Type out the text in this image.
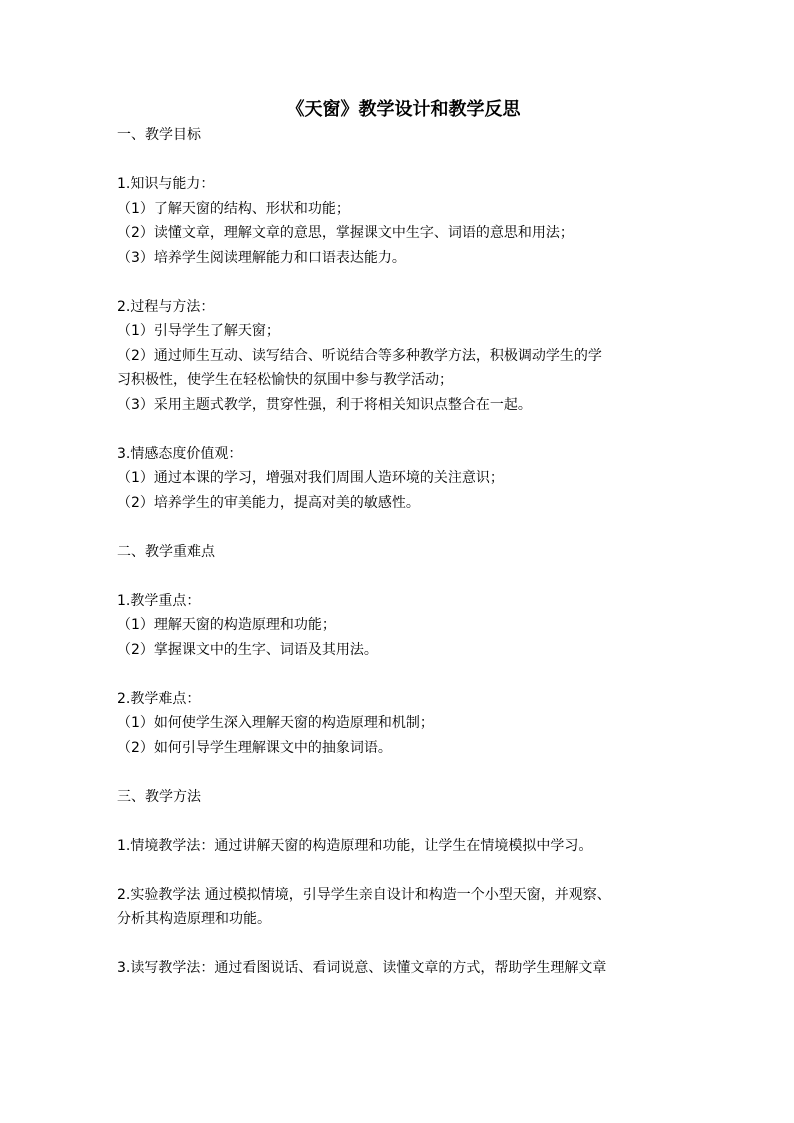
《天窗》教学设计和教学反思

一、教学目标

1.知识与能力：

（1）了解天窗的结构、形状和功能；

（2）读懂文章，理解文章的意思，掌握课文中生字、词语的意思和用法；

（3）培养学生阅读理解能力和口语表达能力。

2.过程与方法：

（1）引导学生了解天窗；

（2）通过师生互动、读写结合、听说结合等多种教学方法，积极调动学生的学

习积极性，使学生在轻松愉快的氛围中参与教学活动；

（3）采用主题式教学，贯穿性强，利于将相关知识点整合在一起。

3.情感态度价值观：

（1）通过本课的学习，增强对我们周围人造环境的关注意识；

（2）培养学生的审美能力，提高对美的敏感性。

二、教学重难点

1.教学重点：

（1）理解天窗的构造原理和功能；

（2）掌握课文中的生字、词语及其用法。

2.教学难点：

（1）如何使学生深入理解天窗的构造原理和机制；

（2）如何引导学生理解课文中的抽象词语。

三、教学方法

1.情境教学法：通过讲解天窗的构造原理和功能，让学生在情境模拟中学习。

2.实验教学法 通过模拟情境，引导学生亲自设计和构造一个小型天窗，并观察、

分析其构造原理和功能。

3.读写教学法：通过看图说话、看词说意、读懂文章的方式，帮助学生理解文章
